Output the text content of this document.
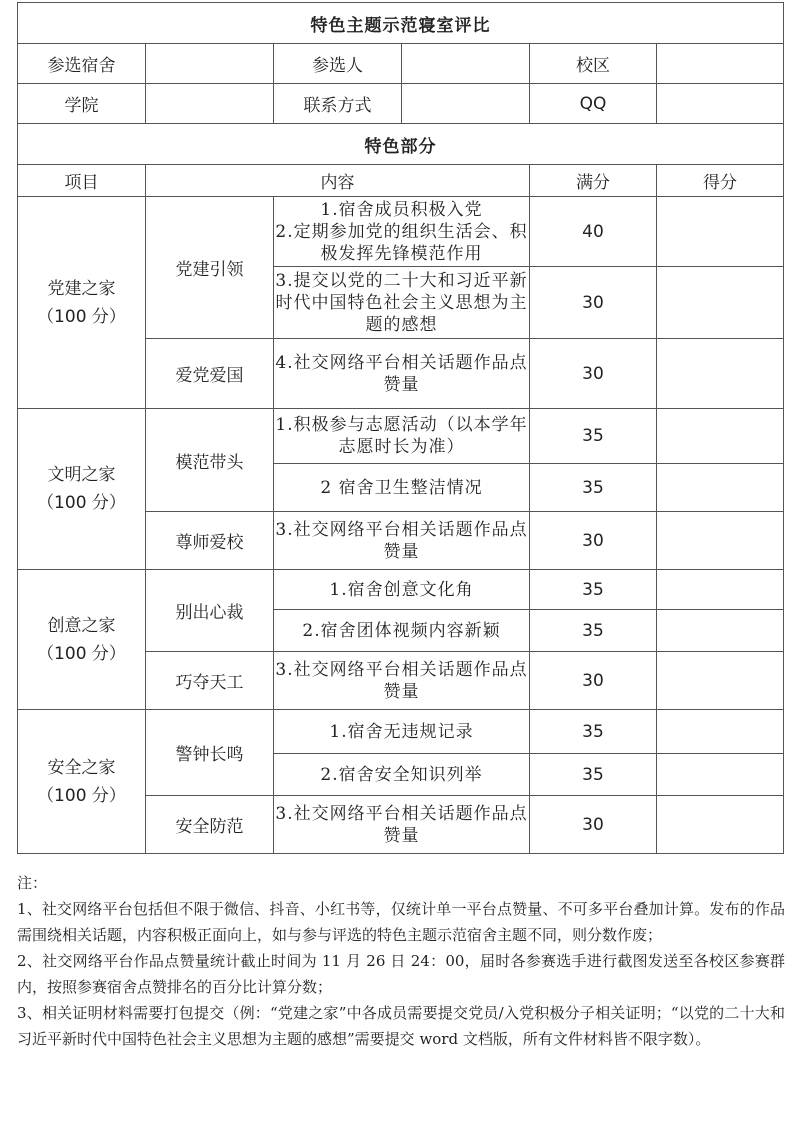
特色主题示范寝室评比					
参选宿舍		参选人		校区	
学院		联系方式		QQ	
特色部分					
项目	内容			满分	得分

党建之家
（100 分）	党建引领	1.宿舍成员积极入党
2.定期参加党的组织生活会、积
极发挥先锋模范作用		40	

		3.提交以党的二十大和习近平新
时代中国特色社会主义思想为主
题的感想		30	
	爱党爱国	4.社交网络平台相关话题作品点
赞量		30	

文明之家
（100 分）	模范带头	1.积极参与志愿活动（以本学年
志愿时长为准）		35	

		2 宿舍卫生整洁情况		35	
	尊师爱校	3.社交网络平台相关话题作品点
赞量		30	

创意之家
（100 分）	别出心裁	1.宿舍创意文化角		35	

		2.宿舍团体视频内容新颖		35	
	巧夺天工	3.社交网络平台相关话题作品点
赞量		30	

安全之家
（100 分）	警钟长鸣	1.宿舍无违规记录		35	

		2.宿舍安全知识列举		35	
	安全防范	3.社交网络平台相关话题作品点
赞量		30	

注：

1、社交网络平台包括但不限于微信、抖音、小红书等，仅统计单一平台点赞量、不可多平台叠加计算。发布的作品需围绕相关话题，内容积极正面向上，如与参与评选的特色主题示范宿舍主题不同，则分数作废；

2、社交网络平台作品点赞量统计截止时间为 11 月 26 日 24：00，届时各参赛选手进行截图发送至各校区参赛群内，按照参赛宿舍点赞排名的百分比计算分数；

3、相关证明材料需要打包提交（例：“党建之家”中各成员需要提交党员/入党积极分子相关证明；“以党的二十大和习近平新时代中国特色社会主义思想为主题的感想”需要提交 word 文档版，所有文件材料皆不限字数）。
